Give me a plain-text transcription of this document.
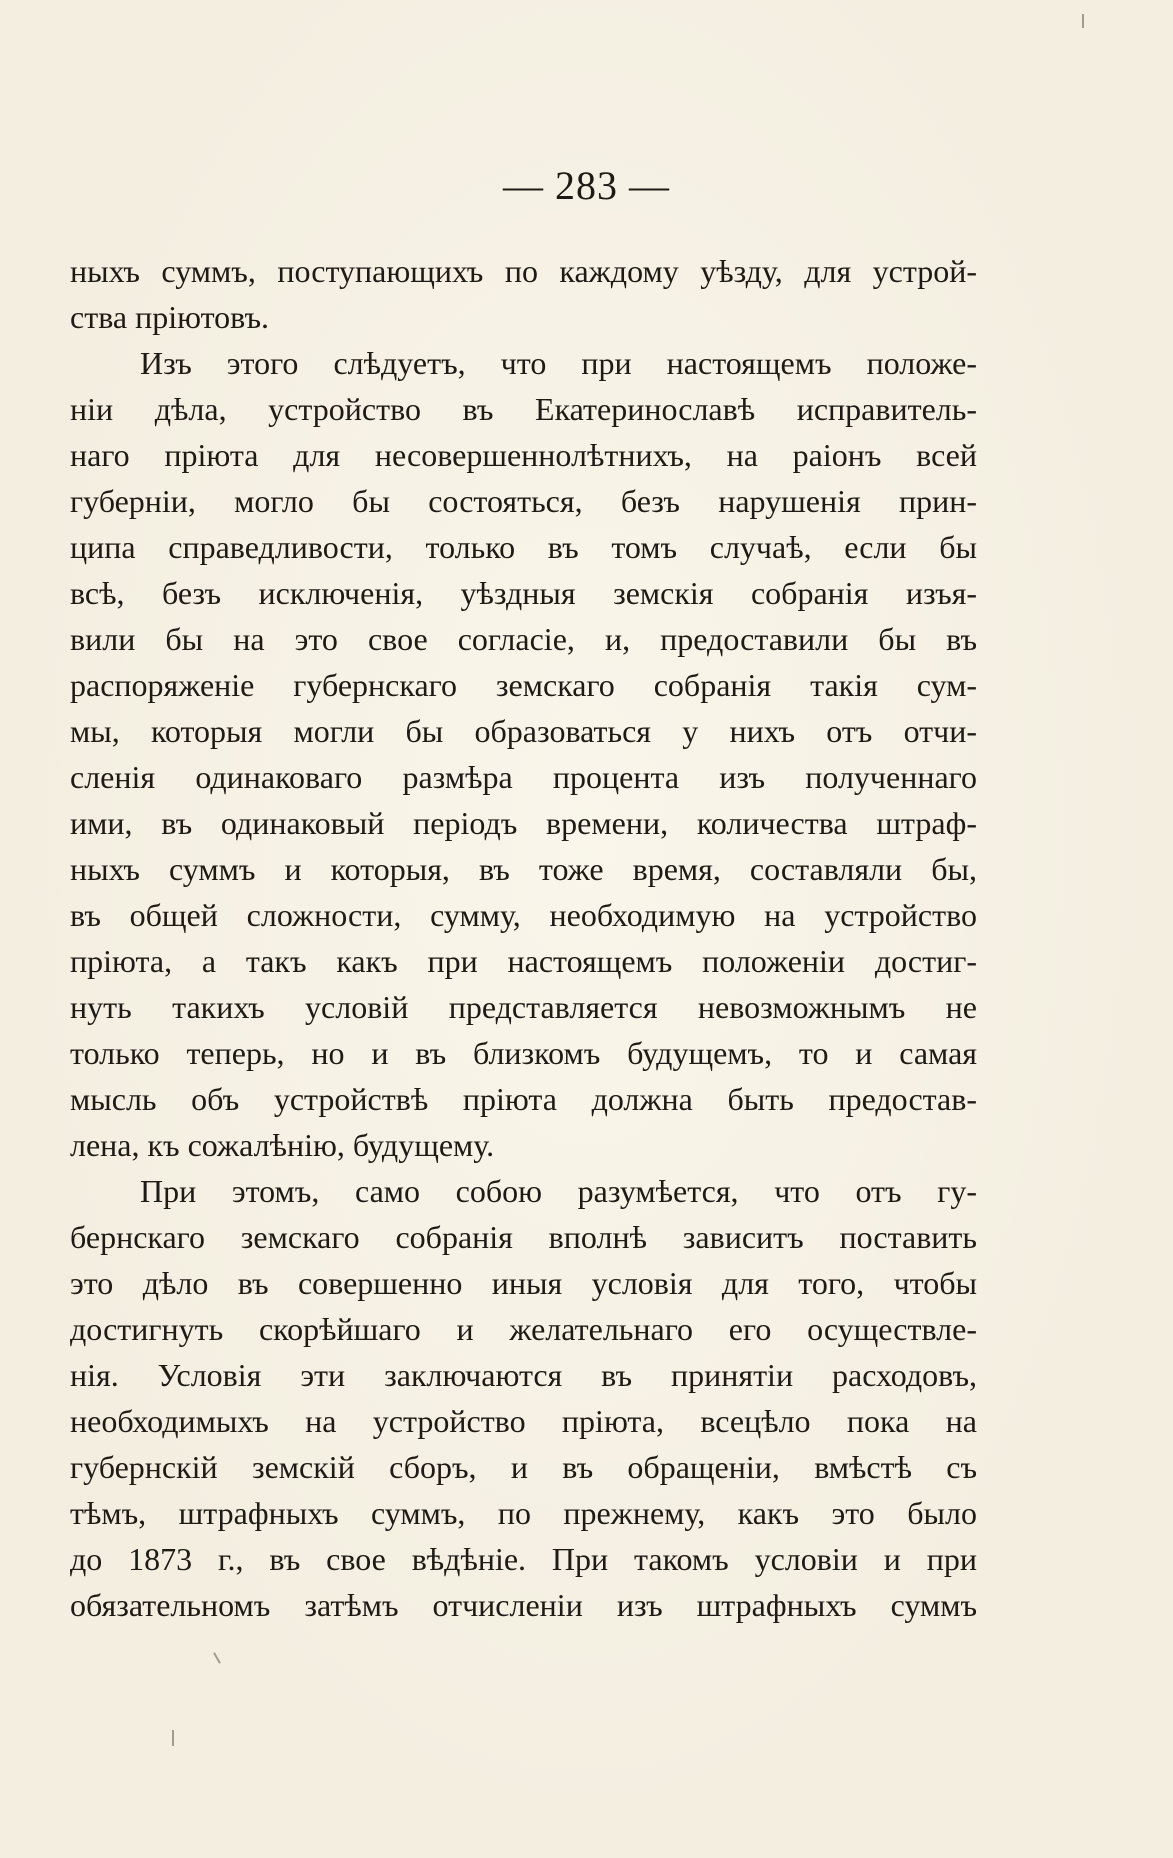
— 283 —
ныхъ суммъ, поступающихъ по каждому уѣзду, для устрой-
ства пріютовъ.
Изъ этого слѣдуетъ, что при настоящемъ положе-
ніи дѣла, устройство въ Екатеринославѣ исправитель-
наго пріюта для несовершеннолѣтнихъ, на раіонъ всей
губерніи, могло бы состояться, безъ нарушенія прин-
ципа справедливости, только въ томъ случаѣ, если бы
всѣ, безъ исключенія, уѣздныя земскія собранія изъя-
вили бы на это свое согласіе, и, предоставили бы въ
распоряженіе губернскаго земскаго собранія такія сум-
мы, которыя могли бы образоваться у нихъ отъ отчи-
сленія одинаковаго размѣра процента изъ полученнаго
ими, въ одинаковый періодъ времени, количества штраф-
ныхъ суммъ и которыя, въ тоже время, составляли бы,
въ общей сложности, сумму, необходимую на устройство
пріюта, а такъ какъ при настоящемъ положеніи достиг-
нуть такихъ условій представляется невозможнымъ не
только теперь, но и въ близкомъ будущемъ, то и самая
мысль объ устройствѣ пріюта должна быть предостав-
лена, къ сожалѣнію, будущему.
При этомъ, само собою разумѣется, что отъ гу-
бернскаго земскаго собранія вполнѣ зависитъ поставить
это дѣло въ совершенно иныя условія для того, чтобы
достигнуть скорѣйшаго и желательнаго его осуществле-
нія. Условія эти заключаются въ принятіи расходовъ,
необходимыхъ на устройство пріюта, всецѣло пока на
губернскій земскій сборъ, и въ обращеніи, вмѣстѣ съ
тѣмъ, штрафныхъ суммъ, по прежнему, какъ это было
до 1873 г., въ свое вѣдѣніе. При такомъ условіи и при
обязательномъ затѣмъ отчисленіи изъ штрафныхъ суммъ
